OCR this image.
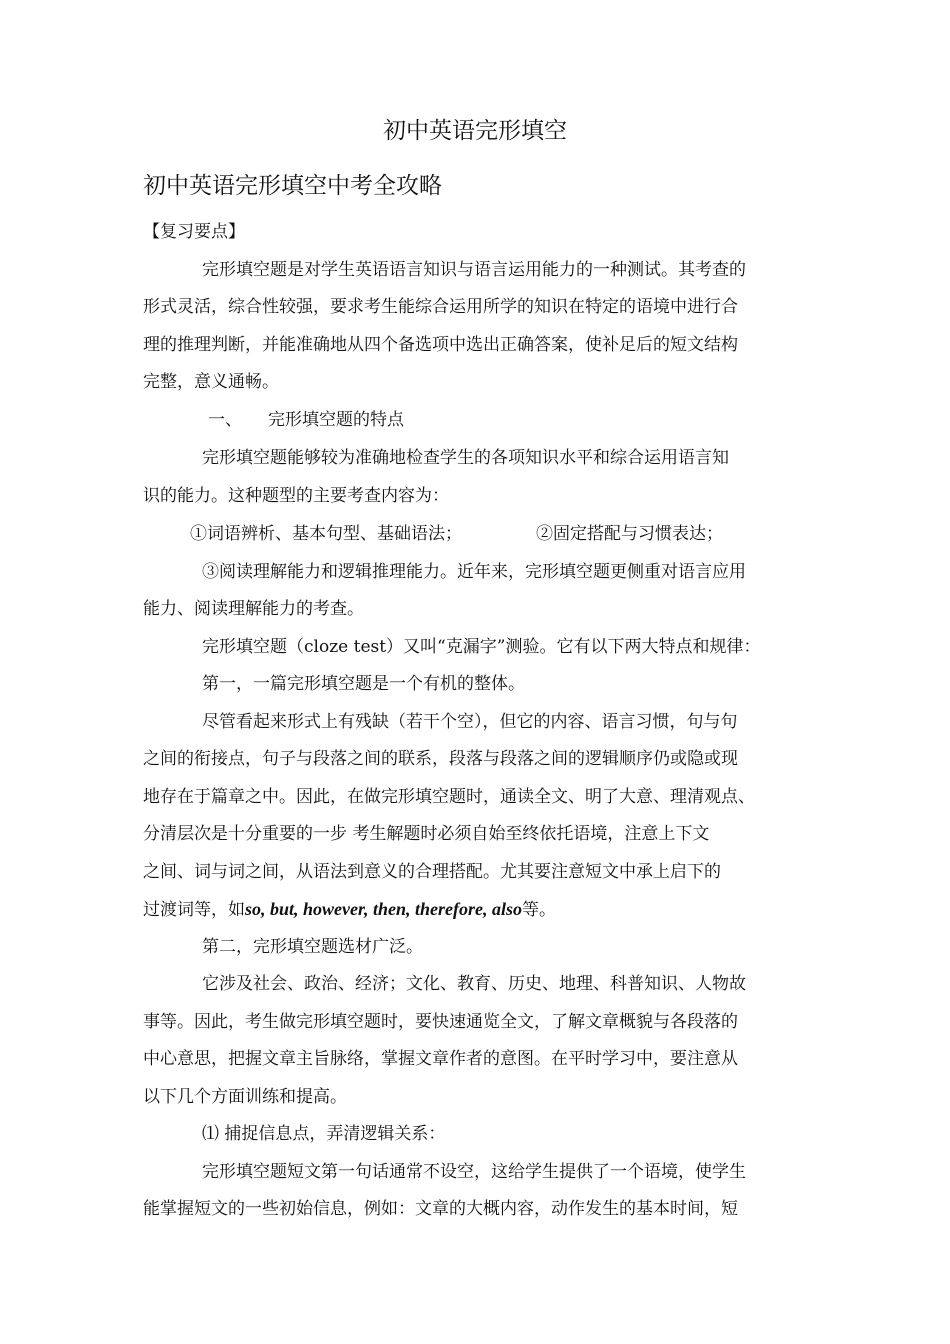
初中英语完形填空
初中英语完形填空中考全攻略
【复习要点】
完形填空题是对学生英语语言知识与语言运用能力的一种测试。其考查的
形式灵活，综合性较强，要求考生能综合运用所学的知识在特定的语境中进行合
理的推理判断，并能准确地从四个备选项中选出正确答案，使补足后的短文结构
完整，意义通畅。
一、 完形填空题的特点
完形填空题能够较为准确地检查学生的各项知识水平和综合运用语言知
识的能力。这种题型的主要考查内容为：
①词语辨析、基本句型、基础语法；	②固定搭配与习惯表达；
③阅读理解能力和逻辑推理能力。近年来，完形填空题更侧重对语言应用
能力、阅读理解能力的考查。
完形填空题（cloze test）又叫“克漏字”测验。它有以下两大特点和规律：
第一，一篇完形填空题是一个有机的整体。
尽管看起来形式上有残缺（若干个空），但它的内容、语言习惯，句与句
之间的衔接点，句子与段落之间的联系，段落与段落之间的逻辑顺序仍或隐或现
地存在于篇章之中。因此，在做完形填空题时，通读全文、明了大意、理清观点、
分清层次是十分重要的一步 考生解题时必须自始至终依托语境，注意上下文
之间、词与词之间，从语法到意义的合理搭配。尤其要注意短文中承上启下的
过渡词等，如so, but, however, then, therefore, also等。
第二，完形填空题选材广泛。
它涉及社会、政治、经济；文化、教育、历史、地理、科普知识、人物故
事等。因此，考生做完形填空题时，要快速通览全文，了解文章概貌与各段落的
中心意思，把握文章主旨脉络，掌握文章作者的意图。在平时学习中，要注意从
以下几个方面训练和提高。
⑴ 捕捉信息点，弄清逻辑关系：
完形填空题短文第一句话通常不设空，这给学生提供了一个语境，使学生
能掌握短文的一些初始信息，例如：文章的大概内容，动作发生的基本时间，短
